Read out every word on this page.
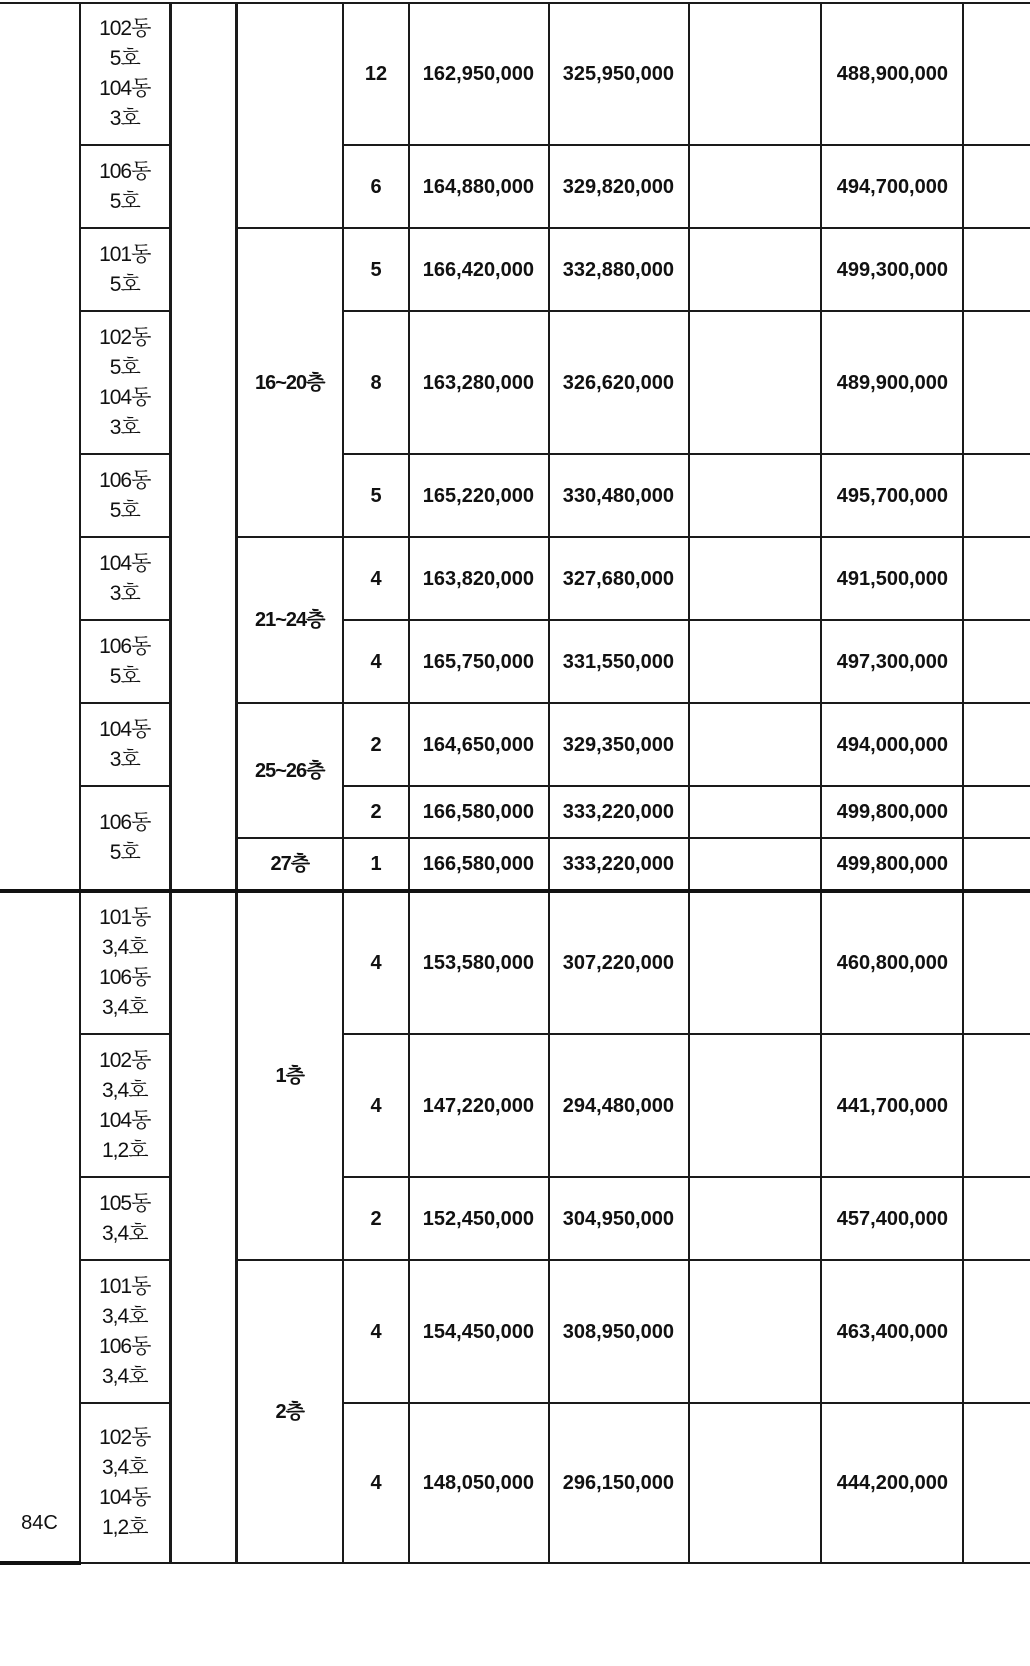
	102동
5호
104동
3호			12	162,950,000	325,950,000		488,900,000	

	106동
5호			6	164,880,000	329,820,000		494,700,000	

	101동
5호		16~20층	5	166,420,000	332,880,000		499,300,000	

	102동
5호
104동
3호			8	163,280,000	326,620,000		489,900,000	

	106동
5호			5	165,220,000	330,480,000		495,700,000	

	104동
3호		21~24층	4	163,820,000	327,680,000		491,500,000	

	106동
5호			4	165,750,000	331,550,000		497,300,000	

	104동
3호		25~26층	2	164,650,000	329,350,000		494,000,000	

	106동
5호			2	166,580,000	333,220,000		499,800,000	
			27층	1	166,580,000	333,220,000		499,800,000	
84C	101동
3,4호
106동
3,4호		1층	4	153,580,000	307,220,000		460,800,000	

	102동
3,4호
104동
1,2호			4	147,220,000	294,480,000		441,700,000	

	105동
3,4호			2	152,450,000	304,950,000		457,400,000	

	101동
3,4호
106동
3,4호		2층	4	154,450,000	308,950,000		463,400,000	

	102동
3,4호
104동
1,2호			4	148,050,000	296,150,000		444,200,000	
